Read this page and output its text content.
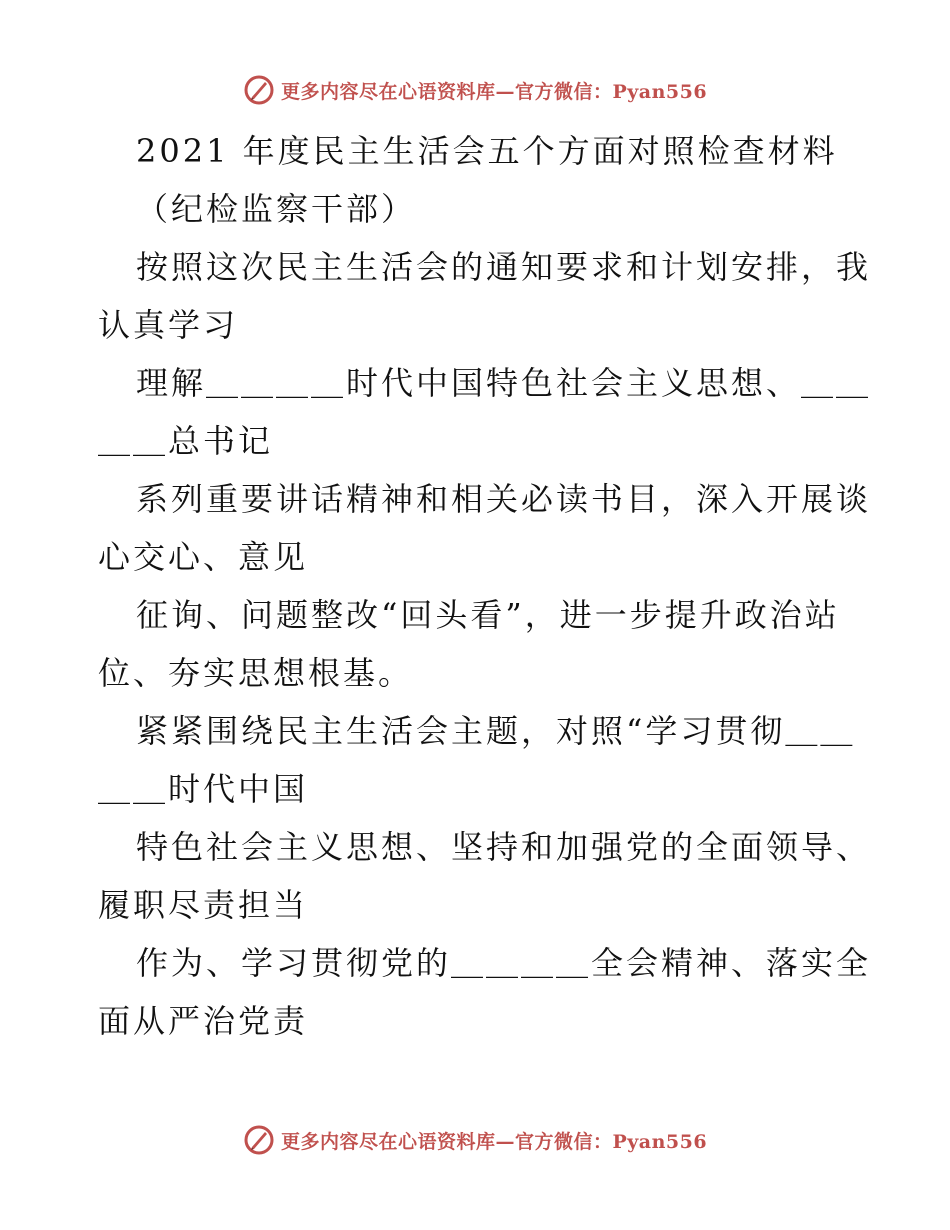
更多内容尽在心语资料库—官方微信：Pyan556
2021 年度民主生活会五个方面对照检查材料
（纪检监察干部）
按照这次民主生活会的通知要求和计划安排，我
认真学习
理解＿＿＿＿时代中国特色社会主义思想、＿＿
＿＿总书记
系列重要讲话精神和相关必读书目，深入开展谈
心交心、意见
征询、问题整改“回头看”，进一步提升政治站
位、夯实思想根基。
紧紧围绕民主生活会主题，对照“学习贯彻＿＿
＿＿时代中国
特色社会主义思想、坚持和加强党的全面领导、
履职尽责担当
作为、学习贯彻党的＿＿＿＿全会精神、落实全
面从严治党责
更多内容尽在心语资料库—官方微信：Pyan556
